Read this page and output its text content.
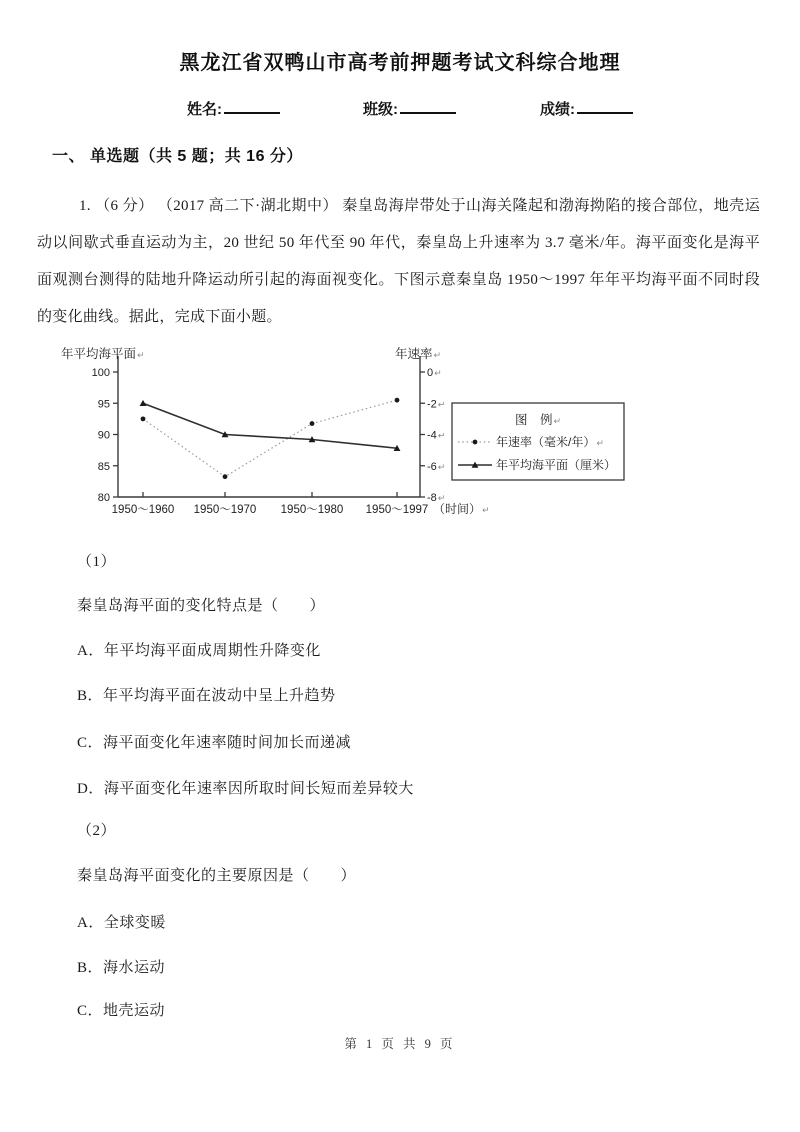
黑龙江省双鸭山市高考前押题考试文科综合地理
姓名:	班级:	成绩:
一、 单选题（共 5 题；共 16 分）
1. （6 分） （2017 高二下·湖北期中） 秦皇岛海岸带处于山海关隆起和渤海拗陷的接合部位，地壳运动以间歇式垂直运动为主，20 世纪 50 年代至 90 年代，秦皇岛上升速率为 3.7 毫米/年。海平面变化是海平面观测台测得的陆地升降运动所引起的海面视变化。下图示意秦皇岛 1950～1997 年年平均海平面不同时段的变化曲线。据此，完成下面小题。
年平均海平面↵	年速率↵
100
95
90
85
80
0↵
-2↵
-4↵
-6↵
-8↵
1950～1960 1950～1970 1950～1980 1950～1997 （时间）↵
图　例↵
年速率（毫米/年）↵
年平均海平面（厘米）
（1）
秦皇岛海平面的变化特点是（　　）
A．年平均海平面成周期性升降变化
B．年平均海平面在波动中呈上升趋势
C．海平面变化年速率随时间加长而递减
D．海平面变化年速率因所取时间长短而差异较大
（2）
秦皇岛海平面变化的主要原因是（　　）
A．全球变暖
B．海水运动
C．地壳运动
第 1 页 共 9 页
